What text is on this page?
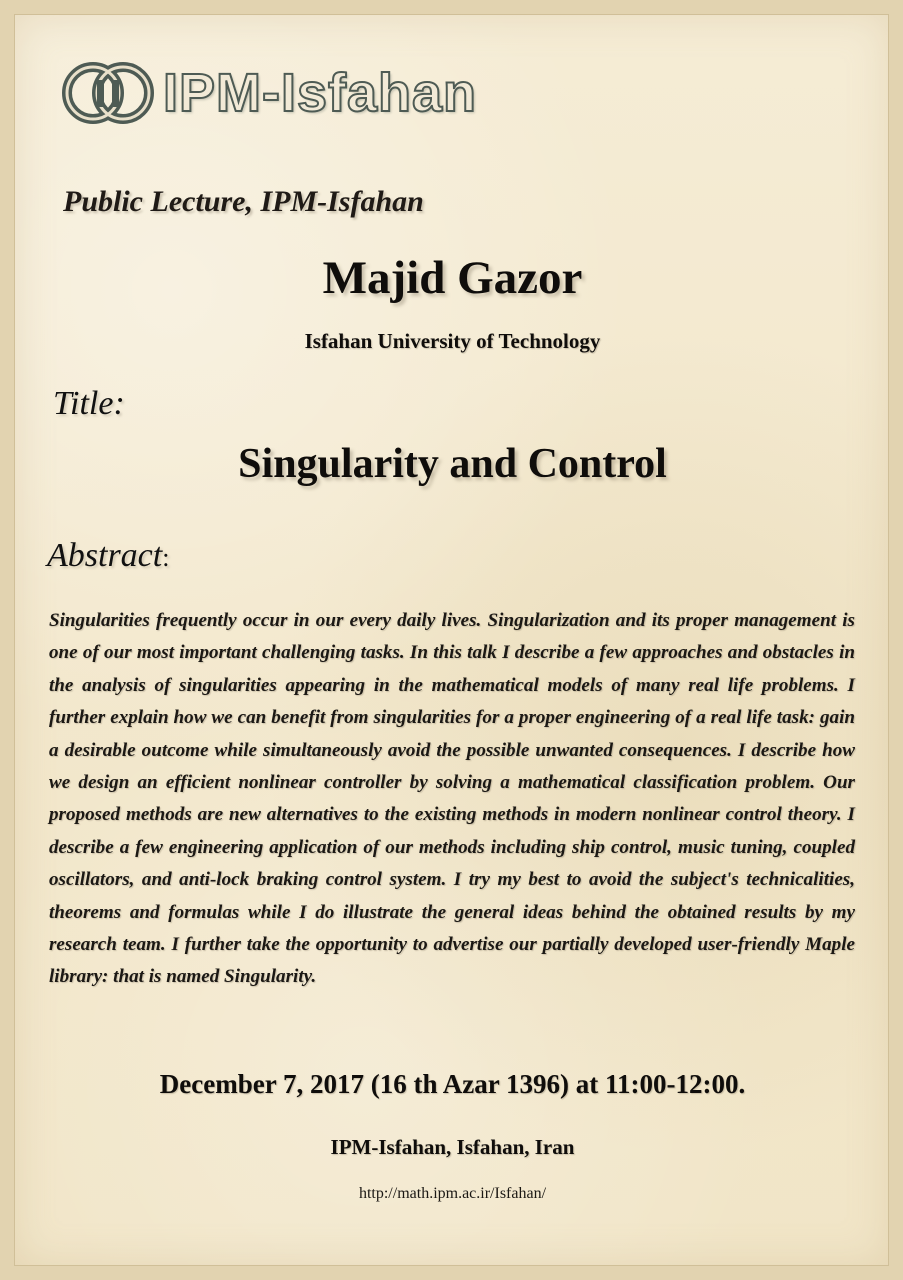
IPM-Isfahan
Public Lecture, IPM-Isfahan
Majid Gazor
Isfahan University of Technology
Title:
Singularity and Control
Abstract:
Singularities frequently occur in our every daily lives. Singularization and its proper management is one of our most important challenging tasks. In this talk I describe a few approaches and obstacles in the analysis of singularities appearing in the mathematical models of many real life problems. I further explain how we can benefit from singularities for a proper engineering of a real life task: gain a desirable outcome while simultaneously avoid the possible unwanted consequences. I describe how we design an efficient nonlinear controller by solving a mathematical classification problem. Our proposed methods are new alternatives to the existing methods in modern nonlinear control theory. I describe a few engineering application of our methods including ship control, music tuning, coupled oscillators, and anti-lock braking control system. I try my best to avoid the subject's technicalities, theorems and formulas while I do illustrate the general ideas behind the obtained results by my research team. I further take the opportunity to advertise our partially developed user-friendly Maple library: that is named Singularity.
December 7, 2017 (16 th Azar 1396) at 11:00-12:00.
IPM-Isfahan, Isfahan, Iran
http://math.ipm.ac.ir/Isfahan/
